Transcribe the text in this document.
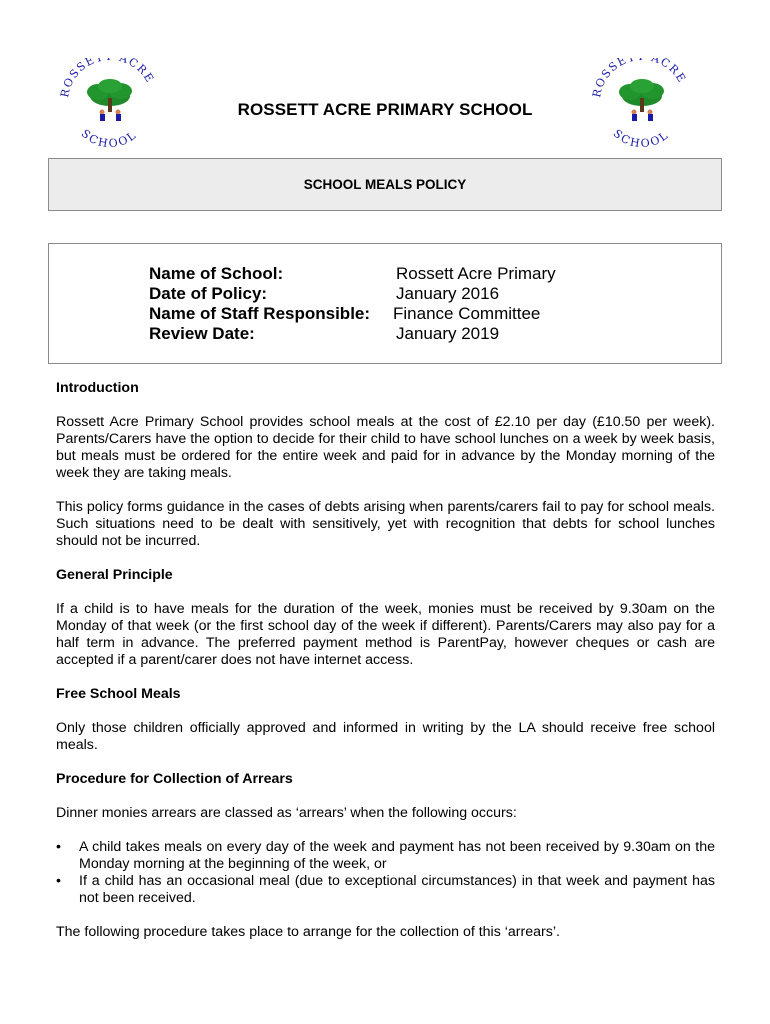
ROSSE ACRE
SCHOOL
ROSSE ACRE
SCHOOL
ROSSETT ACRE PRIMARY SCHOOL
SCHOOL MEALS POLICY
Name of School:	Rossett Acre Primary
Date of Policy:	January 2016
Name of Staff Responsible: Finance Committee
Review Date:	January 2019
Introduction

Rossett Acre Primary School provides school meals at the cost of £2.10 per day (£10.50 per week). Parents/Carers have the option to decide for their child to have school lunches on a week by week basis, but meals must be ordered for the entire week and paid for in advance by the Monday morning of the week they are taking meals.

This policy forms guidance in the cases of debts arising when parents/carers fail to pay for school meals. Such situations need to be dealt with sensitively, yet with recognition that debts for school lunches should not be incurred.

General Principle

If a child is to have meals for the duration of the week, monies must be received by 9.30am on the Monday of that week (or the first school day of the week if different). Parents/Carers may also pay for a half term in advance. The preferred payment method is ParentPay, however cheques or cash are accepted if a parent/carer does not have internet access.

Free School Meals

Only those children officially approved and informed in writing by the LA should receive free school meals.

Procedure for Collection of Arrears

Dinner monies arrears are classed as ‘arrears’ when the following occurs:

• A child takes meals on every day of the week and payment has not been received by 9.30am on the Monday morning at the beginning of the week, or
• If a child has an occasional meal (due to exceptional circumstances) in that week and payment has not been received.

The following procedure takes place to arrange for the collection of this ‘arrears’.
